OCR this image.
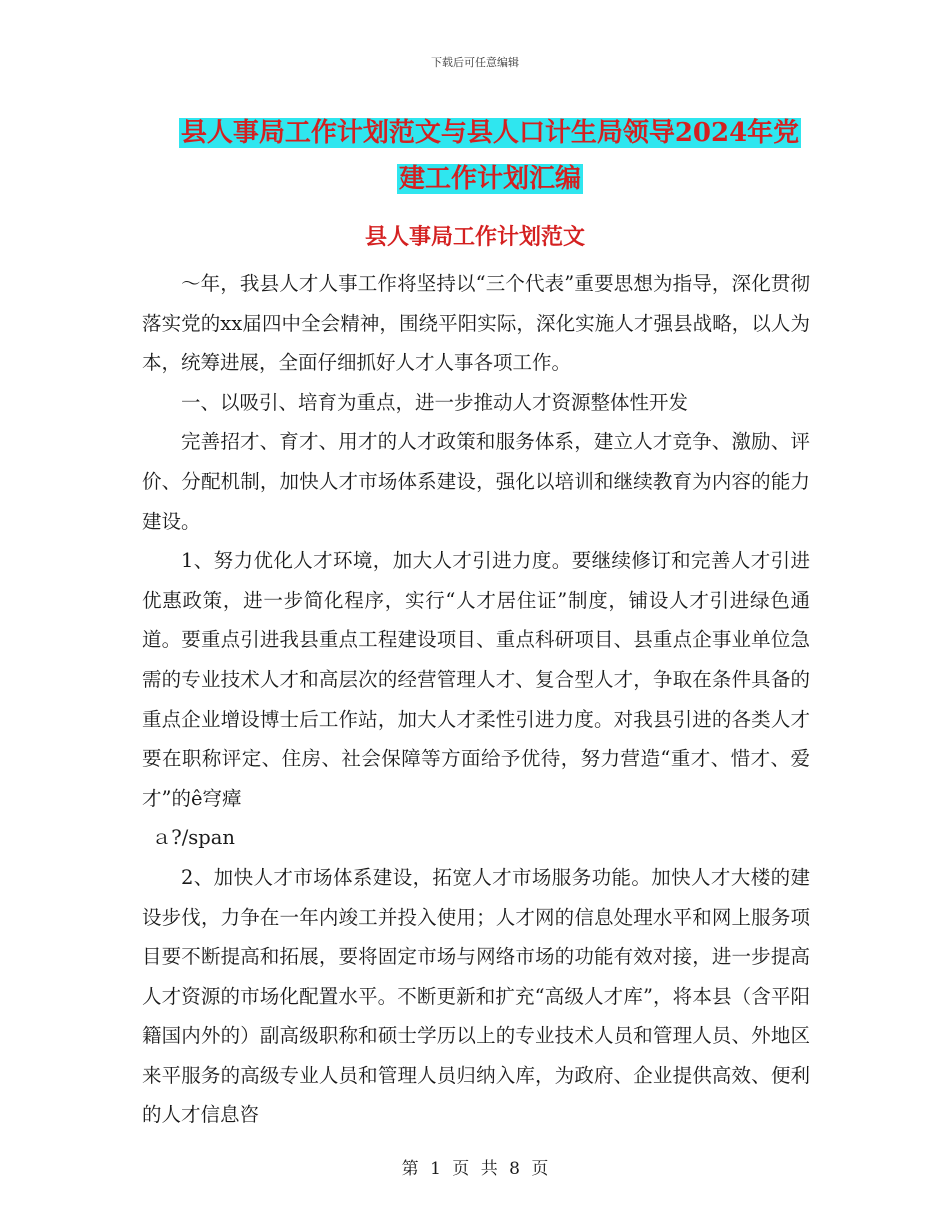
下载后可任意编辑
县人事局工作计划范文与县人口计生局领导2024年党
建工作计划汇编
县人事局工作计划范文

～年，我县人才人事工作将坚持以“三个代表”重要思想为指导，深化贯彻落实党的xx届四中全会精神，围绕平阳实际，深化实施人才强县战略，以人为本，统筹进展，全面仔细抓好人才人事各项工作。

一、以吸引、培育为重点，进一步推动人才资源整体性开发

完善招才、育才、用才的人才政策和服务体系，建立人才竞争、激励、评价、分配机制，加快人才市场体系建设，强化以培训和继续教育为内容的能力建设。

1、努力优化人才环境，加大人才引进力度。要继续修订和完善人才引进优惠政策，进一步简化程序，实行“人才居住证”制度，铺设人才引进绿色通道。要重点引进我县重点工程建设项目、重点科研项目、县重点企事业单位急需的专业技术人才和高层次的经营管理人才、复合型人才，争取在条件具备的重点企业增设博士后工作站，加大人才柔性引进力度。对我县引进的各类人才要在职称评定、住房、社会保障等方面给予优待，努力营造“重才、惜才、爱才”的ê穹瘴

ａ?/span

2、加快人才市场体系建设，拓宽人才市场服务功能。加快人才大楼的建设步伐，力争在一年内竣工并投入使用；人才网的信息处理水平和网上服务项目要不断提高和拓展，要将固定市场与网络市场的功能有效对接，进一步提高人才资源的市场化配置水平。不断更新和扩充“高级人才库”，将本县（含平阳籍国内外的）副高级职称和硕士学历以上的专业技术人员和管理人员、外地区来平服务的高级专业人员和管理人员归纳入库，为政府、企业提供高效、便利的人才信息咨

第 1 页 共 8 页
